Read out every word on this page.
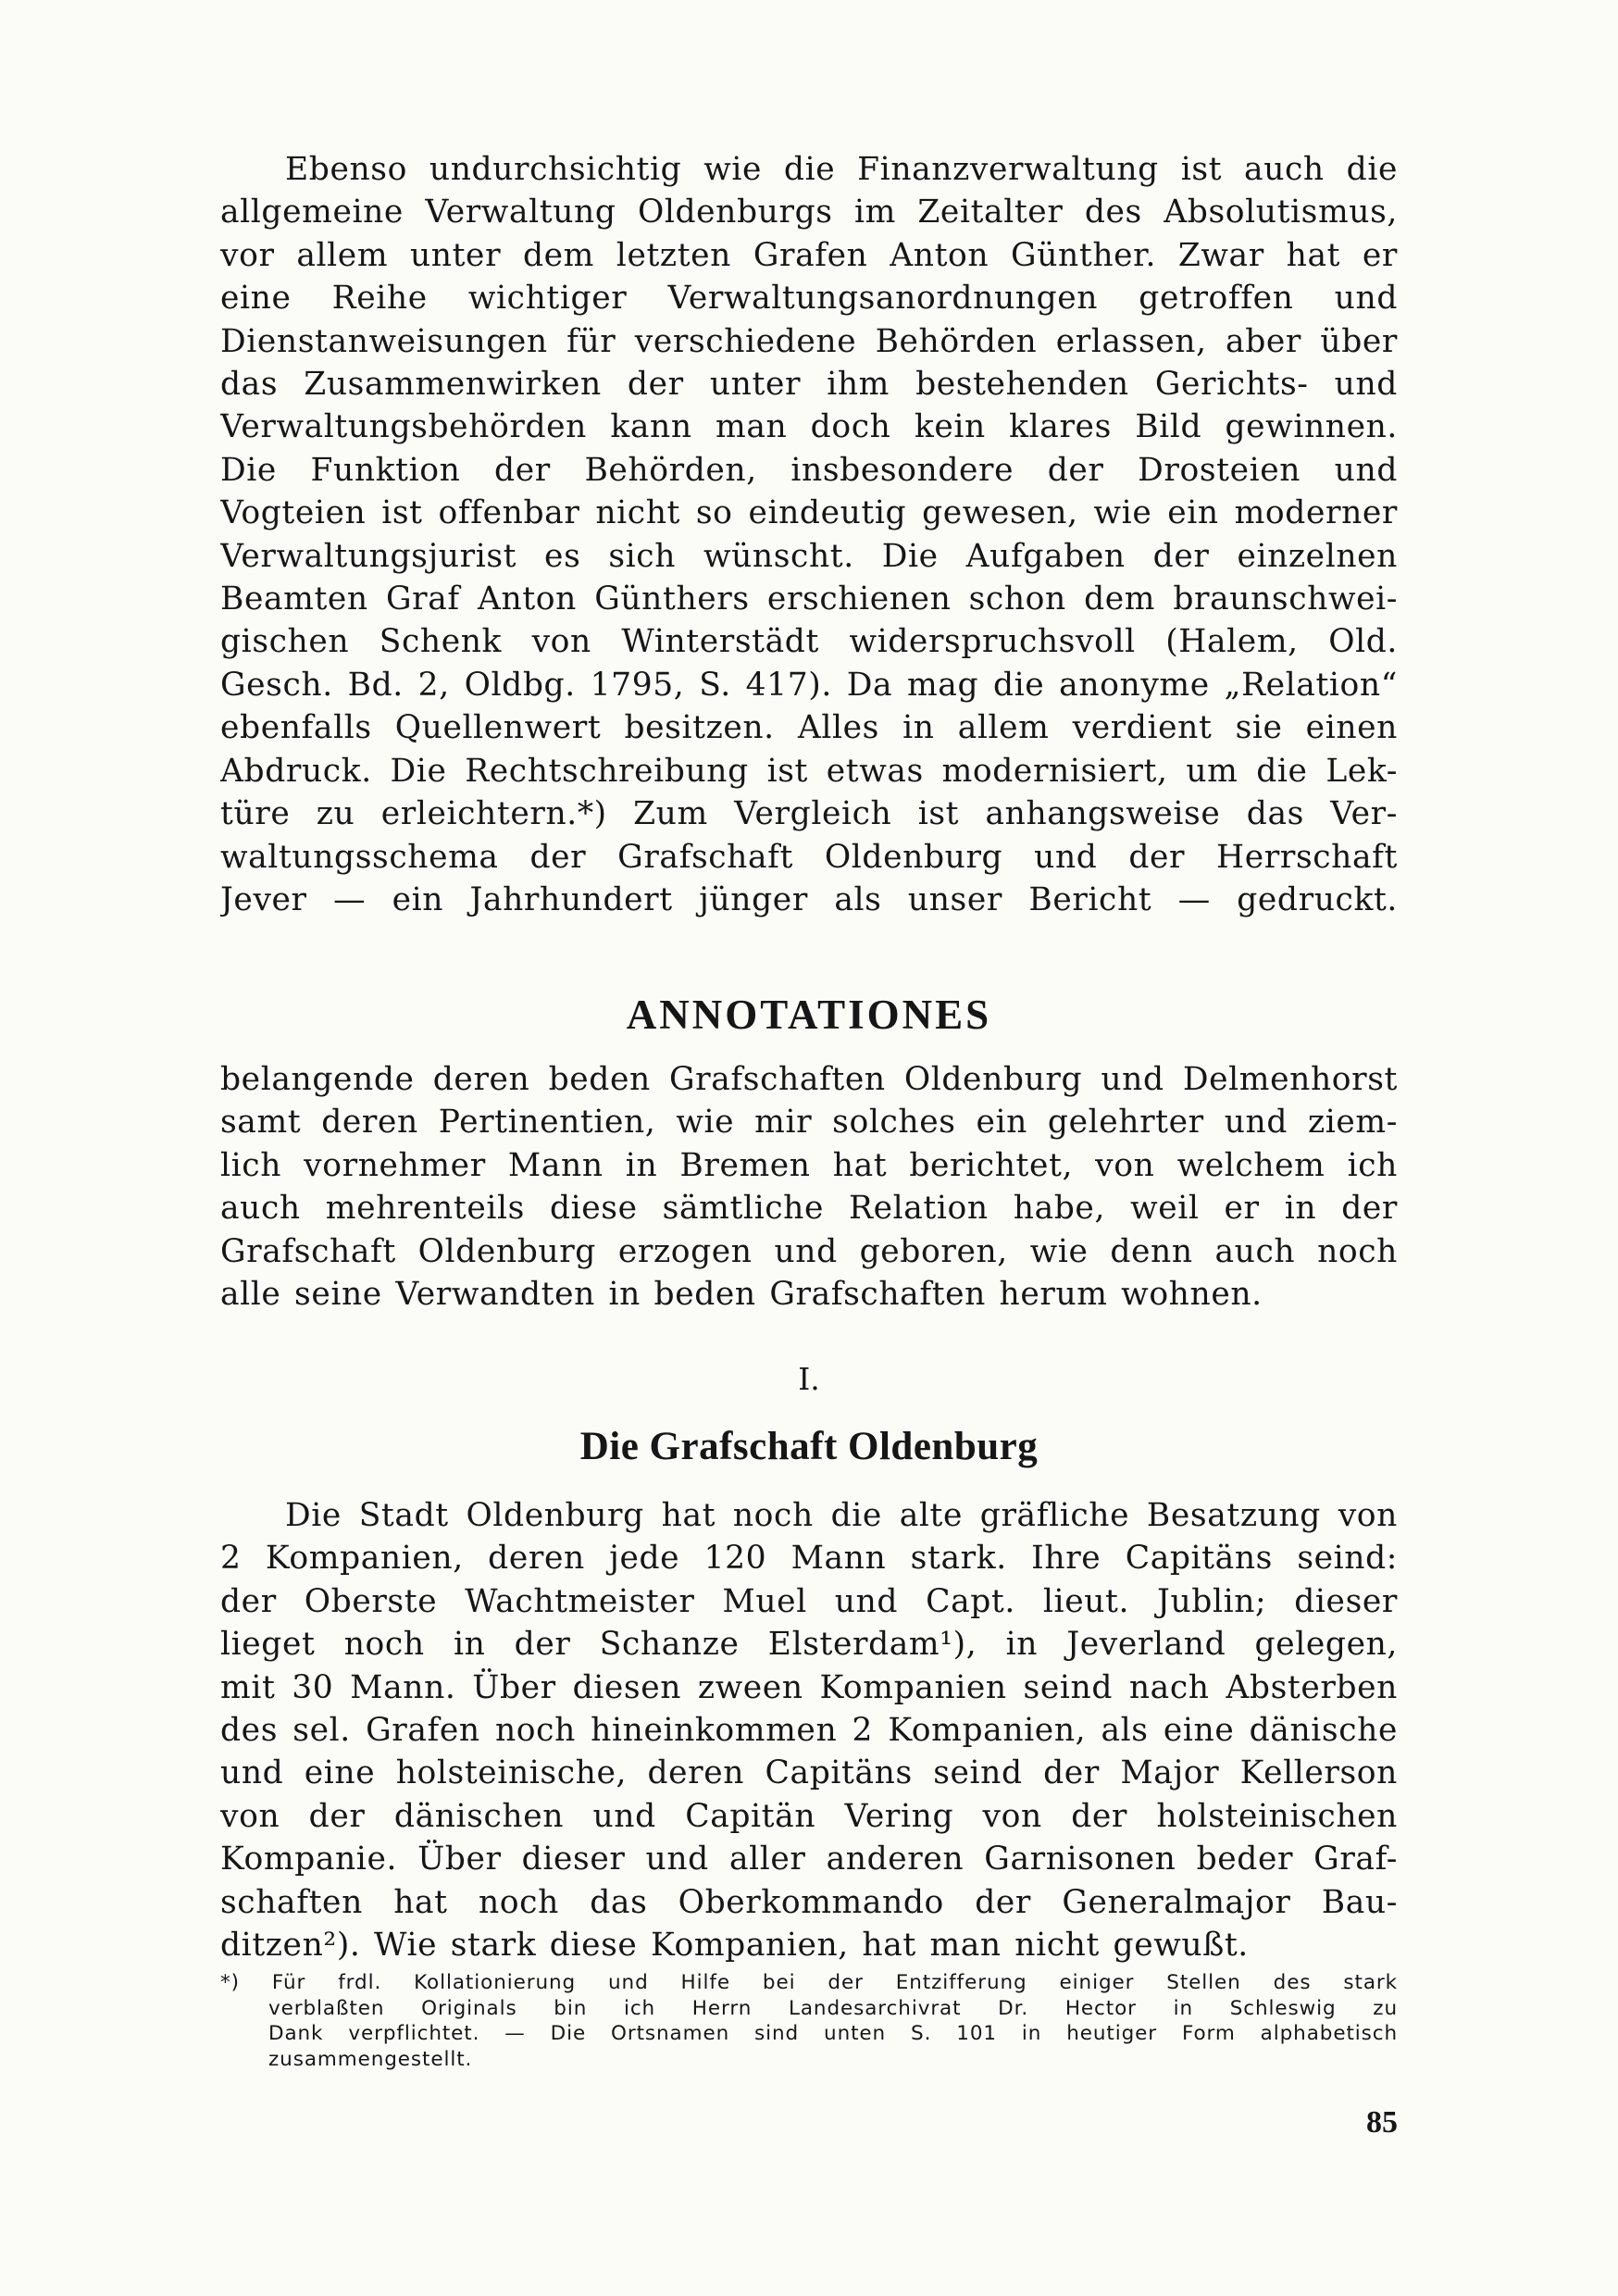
Ebenso undurchsichtig wie die Finanzverwaltung ist auch die
allgemeine Verwaltung Oldenburgs im Zeitalter des Absolutismus,
vor allem unter dem letzten Grafen Anton Günther. Zwar hat er
eine Reihe wichtiger Verwaltungsanordnungen getroffen und
Dienstanweisungen für verschiedene Behörden erlassen, aber über
das Zusammenwirken der unter ihm bestehenden Gerichts- und
Verwaltungsbehörden kann man doch kein klares Bild gewinnen.
Die Funktion der Behörden, insbesondere der Drosteien und
Vogteien ist offenbar nicht so eindeutig gewesen, wie ein moderner
Verwaltungsjurist es sich wünscht. Die Aufgaben der einzelnen
Beamten Graf Anton Günthers erschienen schon dem braunschwei-
gischen Schenk von Winterstädt widerspruchsvoll (Halem, Old.
Gesch. Bd. 2, Oldbg. 1795, S. 417). Da mag die anonyme „Relation“
ebenfalls Quellenwert besitzen. Alles in allem verdient sie einen
Abdruck. Die Rechtschreibung ist etwas modernisiert, um die Lek-
türe zu erleichtern.*) Zum Vergleich ist anhangsweise das Ver-
waltungsschema der Grafschaft Oldenburg und der Herrschaft
Jever — ein Jahrhundert jünger als unser Bericht — gedruckt.
ANNOTATIONES
belangende deren beden Grafschaften Oldenburg und Delmenhorst
samt deren Pertinentien, wie mir solches ein gelehrter und ziem-
lich vornehmer Mann in Bremen hat berichtet, von welchem ich
auch mehrenteils diese sämtliche Relation habe, weil er in der
Grafschaft Oldenburg erzogen und geboren, wie denn auch noch
alle seine Verwandten in beden Grafschaften herum wohnen.
I.
Die Grafschaft Oldenburg
Die Stadt Oldenburg hat noch die alte gräfliche Besatzung von
2 Kompanien, deren jede 120 Mann stark. Ihre Capitäns seind:
der Oberste Wachtmeister Muel und Capt. lieut. Jublin; dieser
lieget noch in der Schanze Elsterdam¹), in Jeverland gelegen,
mit 30 Mann. Über diesen zween Kompanien seind nach Absterben
des sel. Grafen noch hineinkommen 2 Kompanien, als eine dänische
und eine holsteinische, deren Capitäns seind der Major Kellerson
von der dänischen und Capitän Vering von der holsteinischen
Kompanie. Über dieser und aller anderen Garnisonen beder Graf-
schaften hat noch das Oberkommando der Generalmajor Bau-
ditzen²). Wie stark diese Kompanien, hat man nicht gewußt.
*) Für frdl. Kollationierung und Hilfe bei der Entzifferung einiger Stellen des stark
verblaßten Originals bin ich Herrn Landesarchivrat Dr. Hector in Schleswig zu
Dank verpflichtet. — Die Ortsnamen sind unten S. 101 in heutiger Form alphabetisch
zusammengestellt.
85
